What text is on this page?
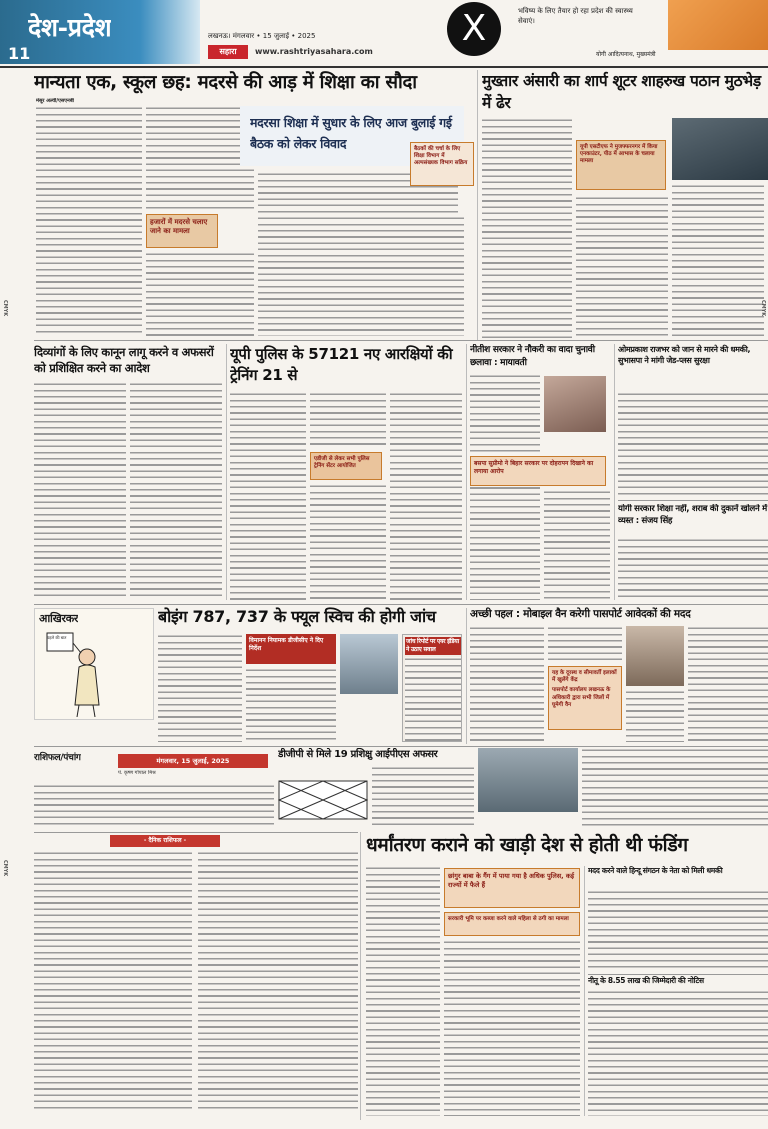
देश-प्रदेश
11
लखनऊ। मंगलवार • 15 जुलाई • 2025
सहारा	www.rashtriyasahara.com
X	भविष्य के लिए तैयार हो रहा प्रदेश की स्वास्थ्य सेवाएं।
योगी आदित्यनाथ, मुख्यमंत्री
मान्यता एक, स्कूल छह: मदरसे की आड़ में शिक्षा का सौदा
मंसूर अल्वी/एसएनबी
हजारों में मदरसे चलाए जाने का मामला
मदरसा शिक्षा में सुधार के लिए आज बुलाई गई बैठक को लेकर विवाद	बैठकों की चर्चा के लिए शिक्षा विभाग में अल्पसंख्यक विभाग सक्रिय
मुख्तार अंसारी का शार्प शूटर शाहरुख पठान मुठभेड़ में ढेर
यूपी एसटीएफ ने मुजफ्फरनगर में किया एनकाउंटर, पीठ में आभास के चलाया मामला
दिव्यांगों के लिए कानून लागू करने व अफसरों को प्रशिक्षित करने का आदेश
यूपी पुलिस के 57121 नए आरक्षियों की ट्रेनिंग 21 से
एडीजी से लेकर सभी पुलिस ट्रेनिंग सेंटर आयोजित
नीतीश सरकार ने नौकरी का वादा चुनावी छलावा : मायावती
बसपा सुप्रीमो ने बिहार सरकार पर दोहरापन दिखाने का लगाया आरोप
ओमप्रकाश राजभर को जान से मारने की धमकी, सुभासपा ने मांगी जेड-प्लस सुरक्षा
योगी सरकार शिक्षा नहीं, शराब की दुकानें खोलने में व्यस्त : संजय सिंह
आखिरकर
पहले की बात
बोइंग 787, 737 के फ्यूल स्विच की होगी जांच
विमानन नियामक डीजीसीए ने दिए निर्देश
जांच रिपोर्ट पर एयर इंडिया ने उठाए सवाल
अच्छी पहल : मोबाइल वैन करेगी पासपोर्ट आवेदकों की मदद
यह के दूरस्थ व सीमावर्ती इलाकों में खुलेंगे केंद्र
पासपोर्ट कार्यालय लखनऊ के अधिकारी द्वारा सभी जिलों में घूमेगी वैन
राशिफल/पंचांग	मंगलवार, 15 जुलाई, 2025
पं. कृष्ण गोपाल मिश्र
डीजीपी से मिले 19 प्रशिक्षु आईपीएस अफसर
- दैनिक राशिफल -	धर्मांतरण कराने को खाड़ी देश से होती थी फंडिंग
छांगुर बाबा के गैंग में पाया गया है अधिक पुलिस, कई राज्यों में फैले हैं
सरकारी भूमि पर कब्जा करने वाले महिला से ठगी का मामला
मदद करने वाले हिन्दू संगठन के नेता को मिली धमकी
नीतू के 8.55 लाख की जिम्मेदारी की नोटिस
CMYK
CMYK
CMYK
